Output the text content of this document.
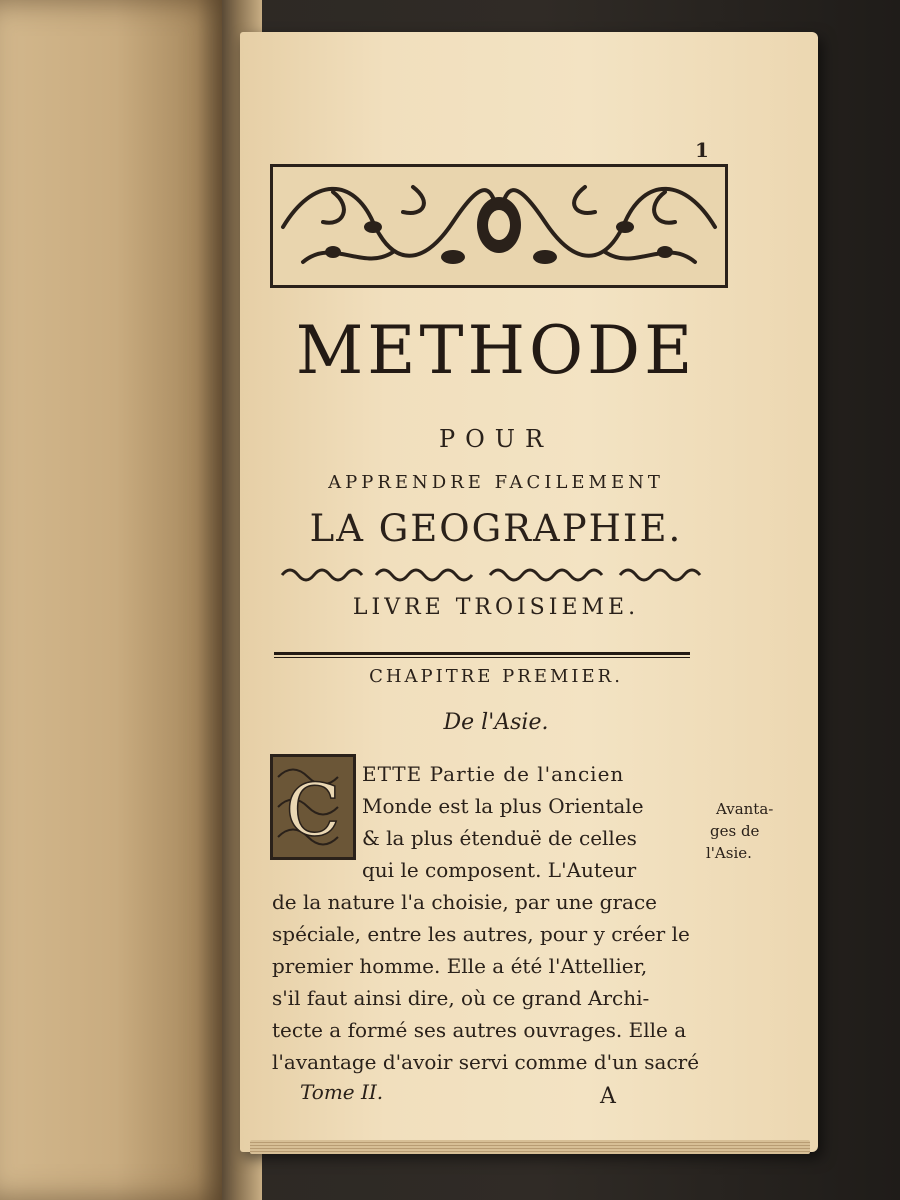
1
METHODE
POUR
APPRENDRE FACILEMENT
LA GEOGRAPHIE.
LIVRE TROISIEME.
CHAPITRE PREMIER.
De l'Asie.
C ETTE Partie de l'ancien
Monde est la plus Orientale
& la plus étenduë de celles
qui le composent. L'Auteur
de la nature l'a choisie, par une grace
spéciale, entre les autres, pour y créer le
premier homme. Elle a été l'Attellier,
s'il faut ainsi dire, où ce grand Archi-
tecte a formé ses autres ouvrages. Elle a
l'avantage d'avoir servi comme d'un sacré
Avanta-
ges de
l'Asie.
Tome II.	A
